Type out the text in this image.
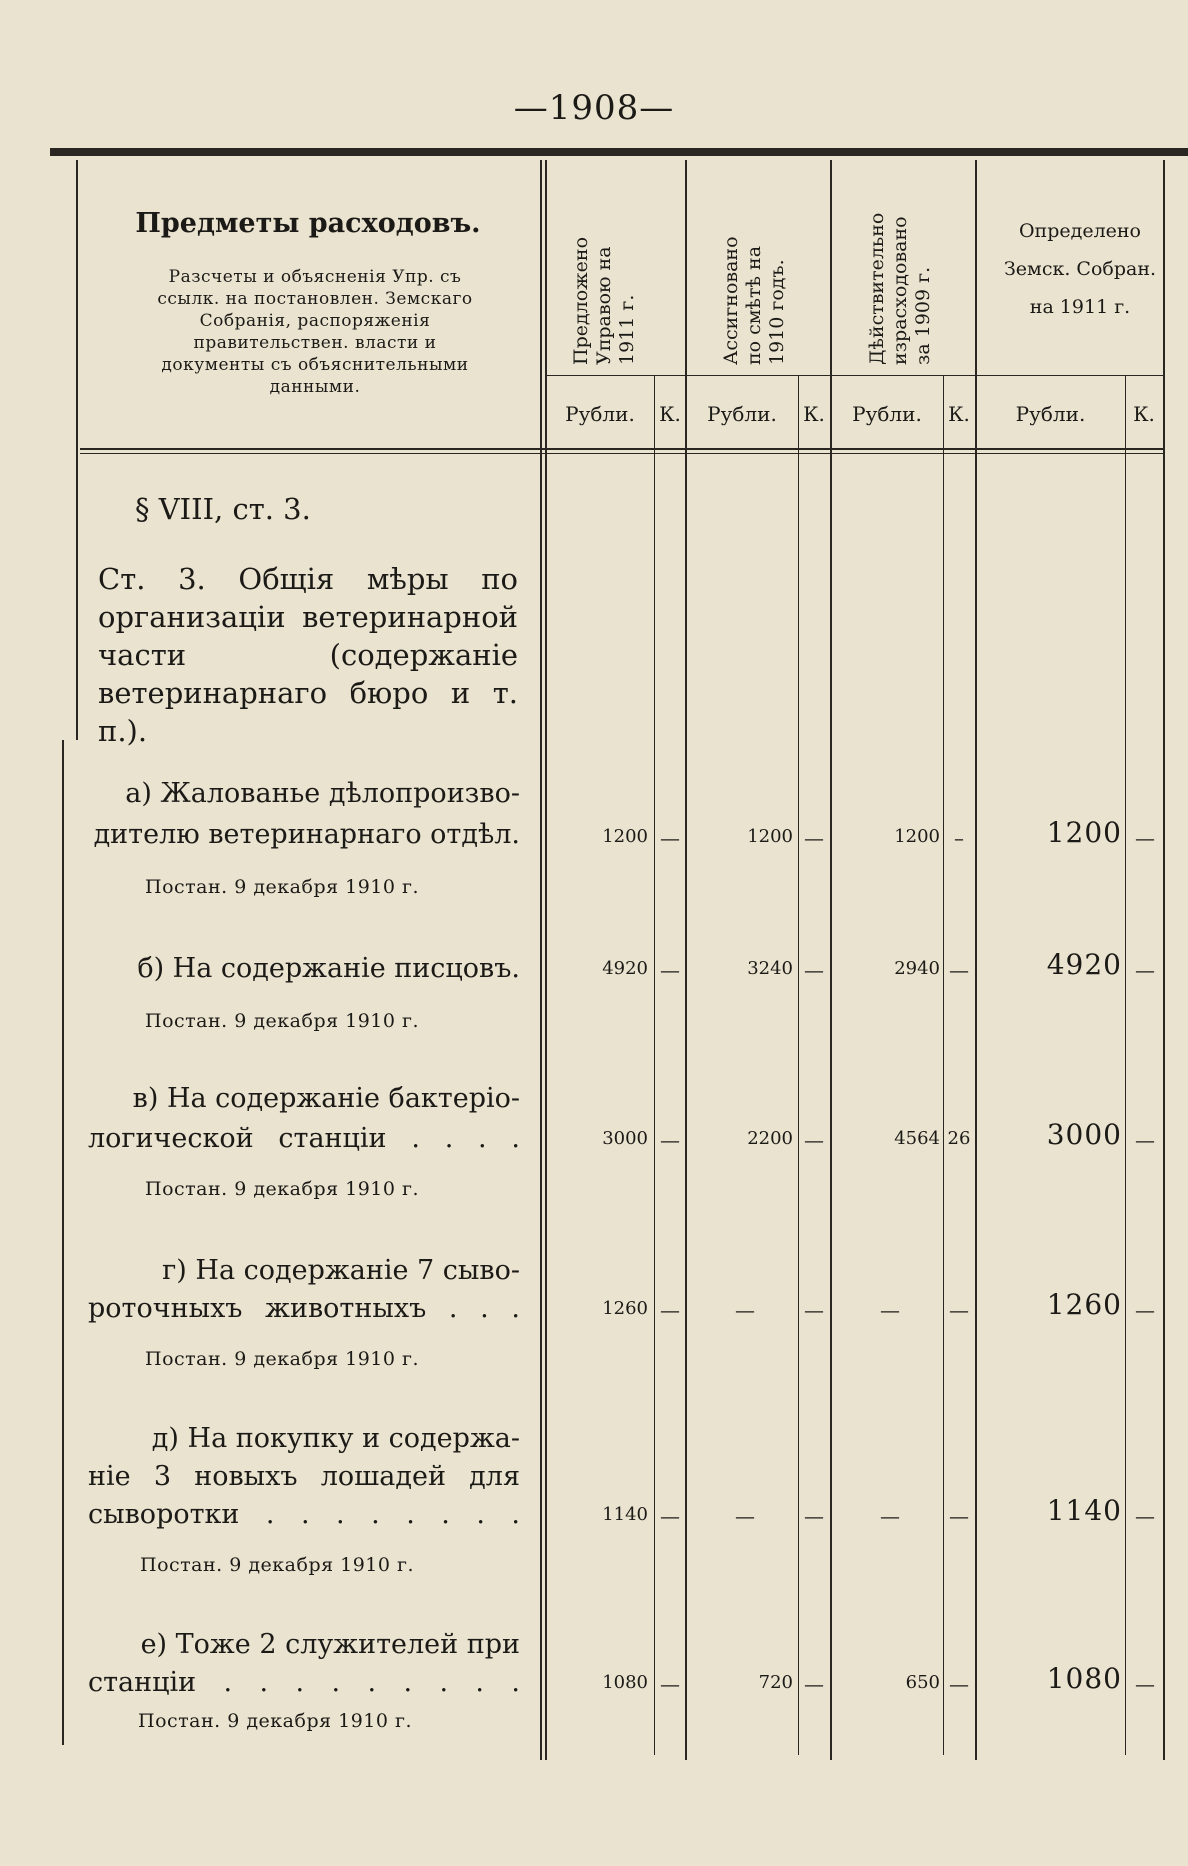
—1908—
Предметы расходовъ.
Разсчеты и объясненія Упр. съ ссылк. на постановлен. Земскаго Собранія, распоряженія правительствен. власти и документы съ объяснительными данными.
Предложено Управою на 1911 г.	Ассигновано по смѣтѣ на 1910 годъ.	Дѣйствительно израсходовано за 1909 г.
Определено
Земск. Собран.
на 1911 г.
Рубли.	К.	Рубли.	К.	Рубли.	К.	Рубли.	К.
§ VIII, ст. 3.
Ст. 3. Общія мѣры по организаціи ветеринарной части (содержаніе ветеринарнаго бюро и т. п.).
а) Жалованье дѣлопроизво-
дителю ветеринарнаго отдѣл.
Постан. 9 декабря 1910 г.
1200 —	1200 —	1200 –	1200 —
б) На содержаніе писцовъ.
Постан. 9 декабря 1910 г.
4920 —	3240 —	2940 —	4920 —
в) На содержаніе бактеріо-
логической станціи . . . .
Постан. 9 декабря 1910 г.
3000 —	2200 —	4564 26	3000 —
г) На содержаніе 7 сыво-
роточныхъ животныхъ . . .
Постан. 9 декабря 1910 г.
1260 —	—	—	—	—	1260 —
д) На покупку и содержа-
ніе 3 новыхъ лошадей для
сыворотки . . . . . . . .
Постан. 9 декабря 1910 г.
1140 —	—	—	—	—	1140 —
е) Тоже 2 служителей при
станціи . . . . . . . . .
Постан. 9 декабря 1910 г.
1080 —	720 —	650 —	1080 —
